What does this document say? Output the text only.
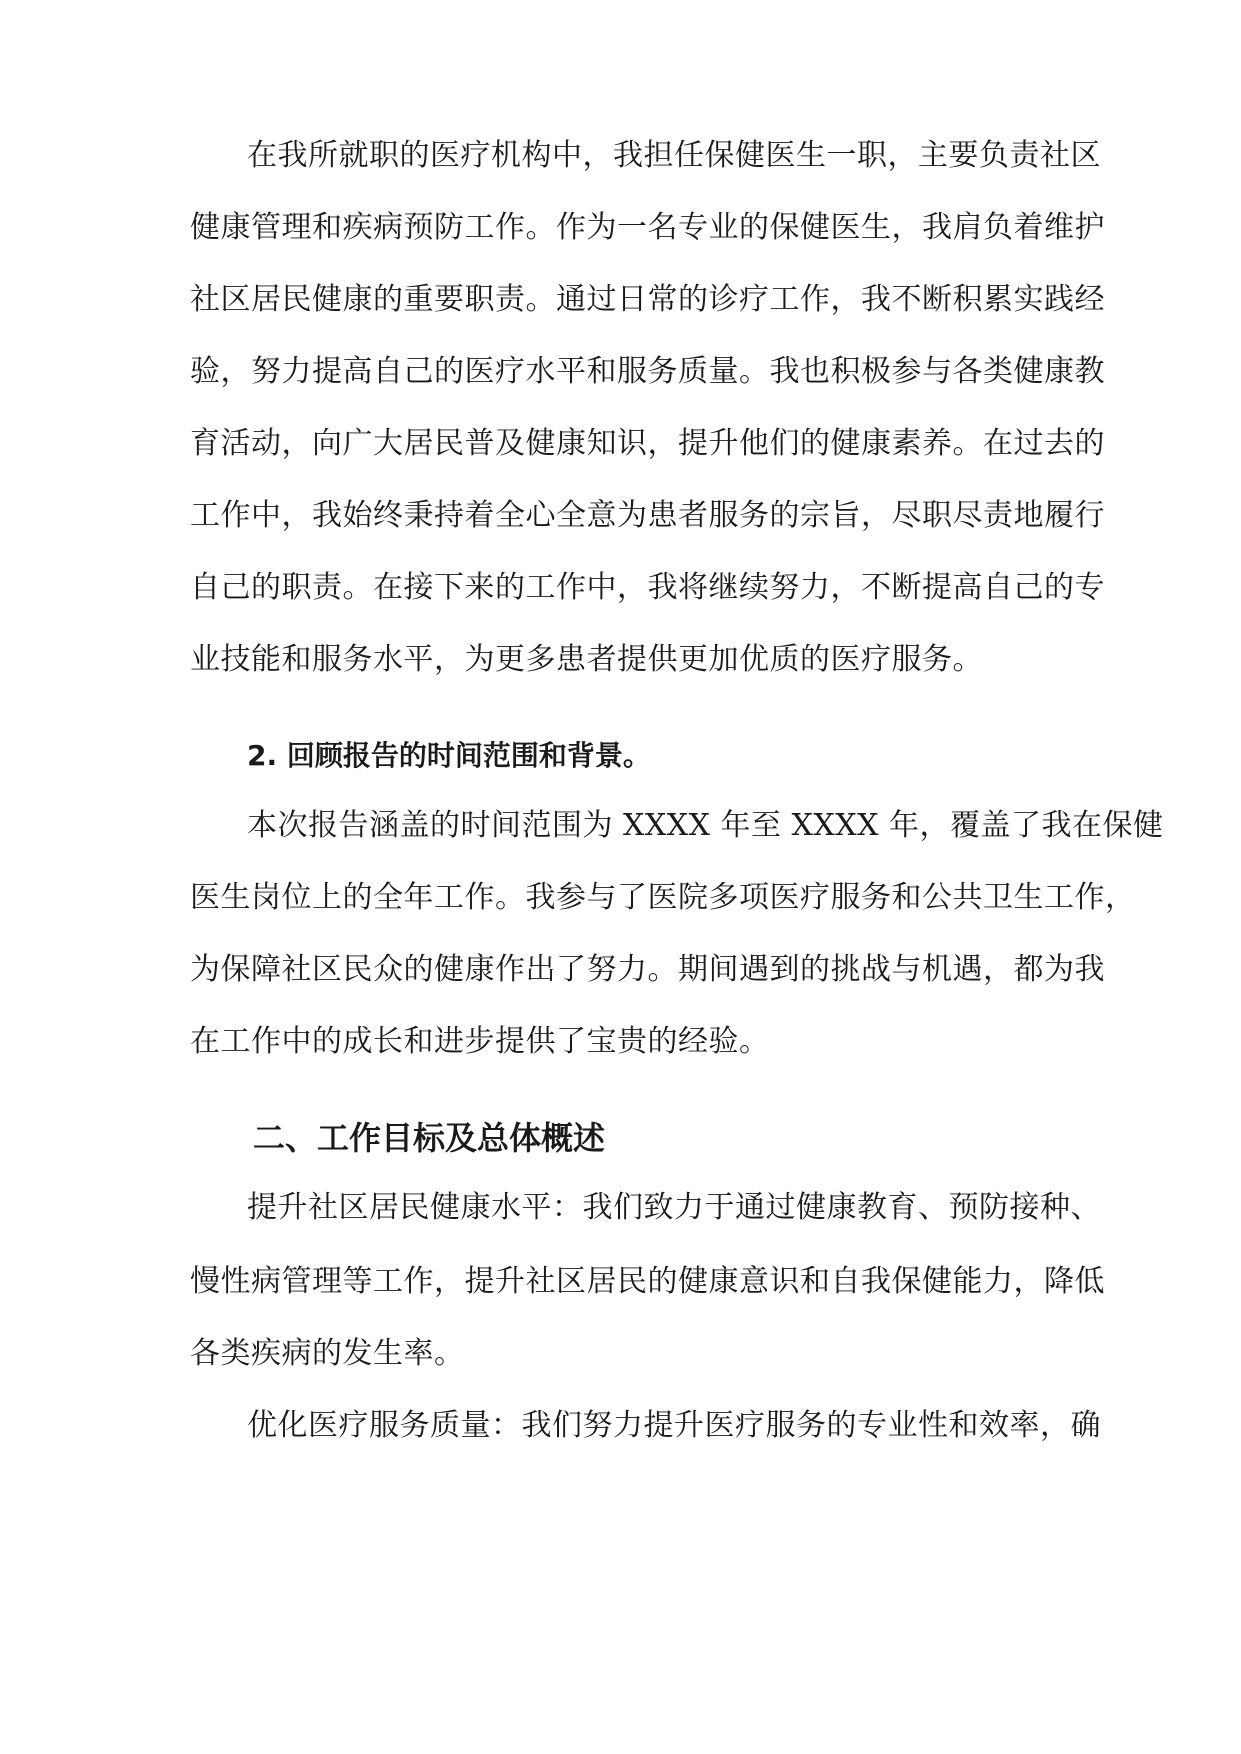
在我所就职的医疗机构中，我担任保健医生一职，主要负责社区
健康管理和疾病预防工作。作为一名专业的保健医生，我肩负着维护
社区居民健康的重要职责。通过日常的诊疗工作，我不断积累实践经
验，努力提高自己的医疗水平和服务质量。我也积极参与各类健康教
育活动，向广大居民普及健康知识，提升他们的健康素养。在过去的
工作中，我始终秉持着全心全意为患者服务的宗旨，尽职尽责地履行
自己的职责。在接下来的工作中，我将继续努力，不断提高自己的专
业技能和服务水平，为更多患者提供更加优质的医疗服务。
2. 回顾报告的时间范围和背景。
本次报告涵盖的时间范围为 XXXX 年至 XXXX 年，覆盖了我在保健
医生岗位上的全年工作。我参与了医院多项医疗服务和公共卫生工作，
为保障社区民众的健康作出了努力。期间遇到的挑战与机遇，都为我
在工作中的成长和进步提供了宝贵的经验。
二、工作目标及总体概述
提升社区居民健康水平：我们致力于通过健康教育、预防接种、
慢性病管理等工作，提升社区居民的健康意识和自我保健能力，降低
各类疾病的发生率。
优化医疗服务质量：我们努力提升医疗服务的专业性和效率，确
